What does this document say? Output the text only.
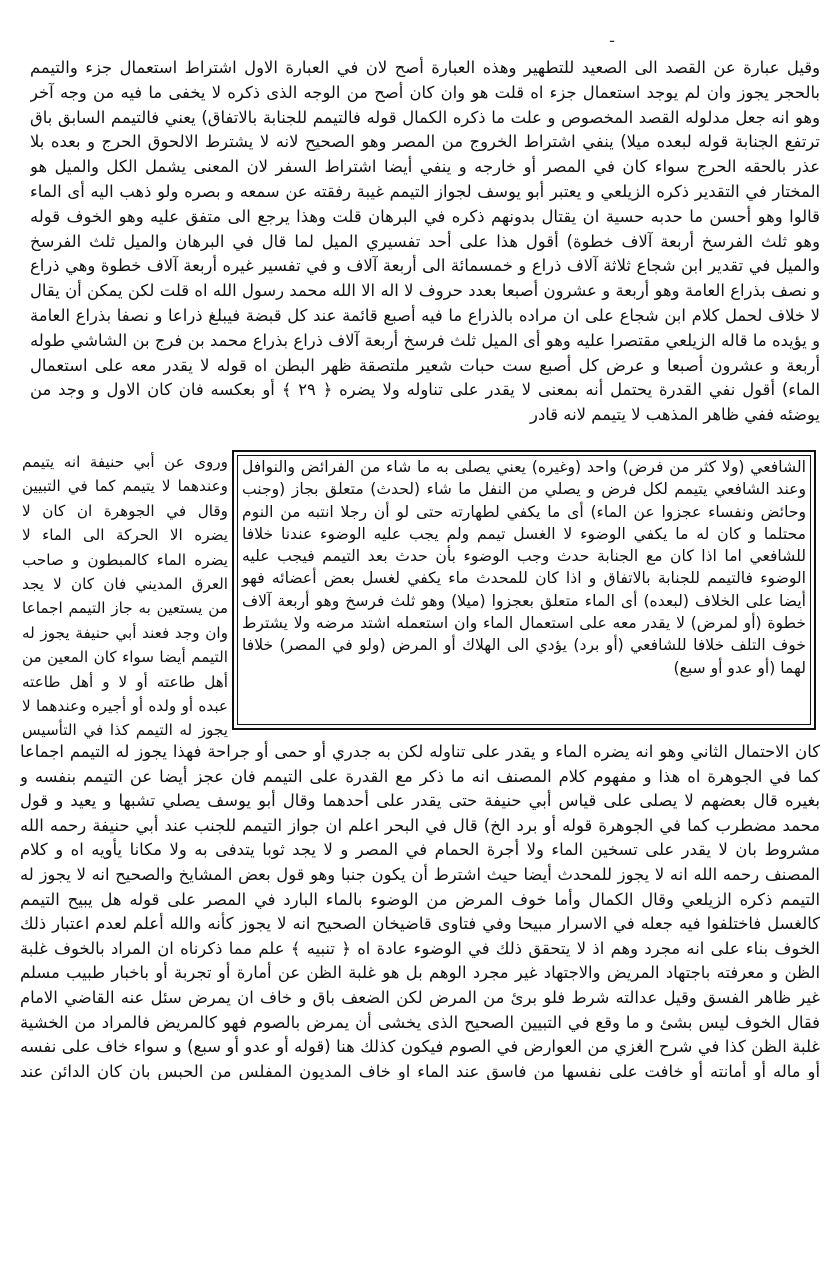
ـ

وقيل عبارة عن القصد الى الصعيد للتطهير وهذه العبارة أصح لان في العبارة الاول اشتراط استعمال جزء والتيمم بالحجر يجوز وان لم يوجد استعمال جزء اه قلت هو وان كان أصح من الوجه الذى ذكره لا يخفى ما فيه من وجه آخر وهو انه جعل مدلوله القصد المخصوص و علت ما ذكره الكمال قوله فالتيمم للجنابة بالاتفاق) يعني فالتيمم السابق باق ترتفع الجنابة قوله لبعده ميلا) ينفي اشتراط الخروج من المصر وهو الصحيح لانه لا يشترط الالحوق الحرج و بعده بلا عذر بالحقه الحرج سواء كان في المصر أو خارجه و ينفي أيضا اشتراط السفر لان المعنى يشمل الكل والميل هو المختار في التقدير ذكره الزيلعي و يعتبر أبو يوسف لجواز التيمم غيبة رفقته عن سمعه و بصره ولو ذهب اليه أى الماء قالوا وهو أحسن ما حدبه حسية ان يقتال بدونهم ذكره في البرهان قلت وهذا يرجع الى متفق عليه وهو الخوف قوله وهو ثلث الفرسخ أربعة آلاف خطوة) أقول هذا على أحد تفسيري الميل لما قال في البرهان والميل ثلث الفرسخ والميل في تقدير ابن شجاع ثلاثة آلاف ذراع و خمسمائة الى أربعة آلاف و في تفسير غيره أربعة آلاف خطوة وهي ذراع و نصف بذراع العامة وهو أربعة و عشرون أصبعا بعدد حروف لا اله الا الله محمد رسول الله اه قلت لكن يمكن أن يقال لا خلاف لحمل كلام ابن شجاع على ان مراده بالذراع ما فيه أصبع قائمة عند كل قبضة فيبلغ ذراعا و نصفا بذراع العامة و يؤيده ما قاله الزيلعي مقتصرا عليه وهو أى الميل ثلث فرسخ أربعة آلاف ذراع بذراع محمد بن فرج بن الشاشي طوله أربعة و عشرون أصبعا و عرض كل أصبع ست حبات شعير ملتصقة ظهر البطن اه قوله لا يقدر معه على استعمال الماء) أقول نفي القدرة يحتمل أنه بمعنى لا يقدر على تناوله ولا يضره ﴿ ٢٩ ﴾ أو بعكسه فان كان الاول و وجد من يوضئه ففي ظاهر المذهب لا يتيمم لانه قادر

الشافعي (ولا كثر من فرض) واحد (وغيره) يعني يصلى به ما شاء من الفرائض والنوافل وعند الشافعي يتيمم لكل فرض و يصلي من النفل ما شاء (لحدث) متعلق بجاز (وجنب وحائض ونفساء عجزوا عن الماء) أى ما يكفي لطهارته حتى لو أن رجلا انتبه من النوم محتلما و كان له ما يكفي الوضوء لا الغسل تيمم ولم يجب عليه الوضوء عندنا خلافا للشافعي اما اذا كان مع الجنابة حدث وجب الوضوء بأن حدث بعد التيمم فيجب عليه الوضوء فالتيمم للجنابة بالاتفاق و اذا كان للمحدث ماء يكفي لغسل بعض أعضائه فهو أيضا على الخلاف (لبعده) أى الماء متعلق بعجزوا (ميلا) وهو ثلث فرسخ وهو أربعة آلاف خطوة (أو لمرض) لا يقدر معه على استعمال الماء وان استعمله اشتد مرضه ولا يشترط خوف التلف خلافا للشافعي (أو برد) يؤدي الى الهلاك أو المرض (ولو في المصر) خلافا لهما (أو عدو أو سبع)

وروى عن أبي حنيفة انه يتيمم وعندهما لا يتيمم كما في التبيين وقال في الجوهرة ان كان لا يضره الا الحركة الى الماء لا يضره الماء كالمبطون و صاحب العرق المديني فان كان لا يجد من يستعين به جاز التيمم اجماعا وان وجد فعند أبي حنيفة يجوز له التيمم أيضا سواء كان المعين من أهل طاعته أو لا و أهل طاعته عبده أو ولده أو أجيره وعندهما لا يجوز له التيمم كذا في التأسيس

كان الاحتمال الثاني وهو انه يضره الماء و يقدر على تناوله لكن به جدري أو حمى أو جراحة فهذا يجوز له التيمم اجماعا كما في الجوهرة اه هذا و مفهوم كلام المصنف انه ما ذكر مع القدرة على التيمم فان عجز أيضا عن التيمم بنفسه و بغيره قال بعضهم لا يصلى على قياس أبي حنيفة حتى يقدر على أحدهما وقال أبو يوسف يصلي تشبها و يعيد و قول محمد مضطرب كما في الجوهرة قوله أو برد الخ) قال في البحر اعلم ان جواز التيمم للجنب عند أبي حنيفة رحمه الله مشروط بان لا يقدر على تسخين الماء ولا أجرة الحمام في المصر و لا يجد ثوبا يتدفى به ولا مكانا يأويه اه و كلام المصنف رحمه الله انه لا يجوز للمحدث أيضا حيث اشترط أن يكون جنبا وهو قول بعض المشايخ والصحيح انه لا يجوز له التيمم ذكره الزيلعي وقال الكمال وأما خوف المرض من الوضوء بالماء البارد في المصر على قوله هل يبيح التيمم كالغسل فاختلفوا فيه جعله في الاسرار مبيحا وفي فتاوى قاضيخان الصحيح انه لا يجوز كأنه والله أعلم لعدم اعتبار ذلك الخوف بناء على انه مجرد وهم اذ لا يتحقق ذلك في الوضوء عادة اه ﴿ تنبيه ﴾ علم مما ذكرناه ان المراد بالخوف غلبة الظن و معرفته باجتهاد المريض والاجتهاد غير مجرد الوهم بل هو غلبة الظن عن أمارة أو تجربة أو باخبار طبيب مسلم غير ظاهر الفسق وقيل عدالته شرط فلو برئ من المرض لكن الضعف باق و خاف ان يمرض سئل عنه القاضي الامام فقال الخوف ليس بشئ و ما وقع في التبيين الصحيح الذى يخشى أن يمرض بالصوم فهو كالمريض فالمراد من الخشية غلبة الظن كذا في شرح الغزي من العوارض في الصوم فيكون كذلك هنا (قوله أو عدو أو سبع) و سواء خاف على نفسه أو ماله أو أمانته أو خافت على نفسها من فاسق عند الماء او خاف المديون المفلس من الحبس بان كان الدائن عند
